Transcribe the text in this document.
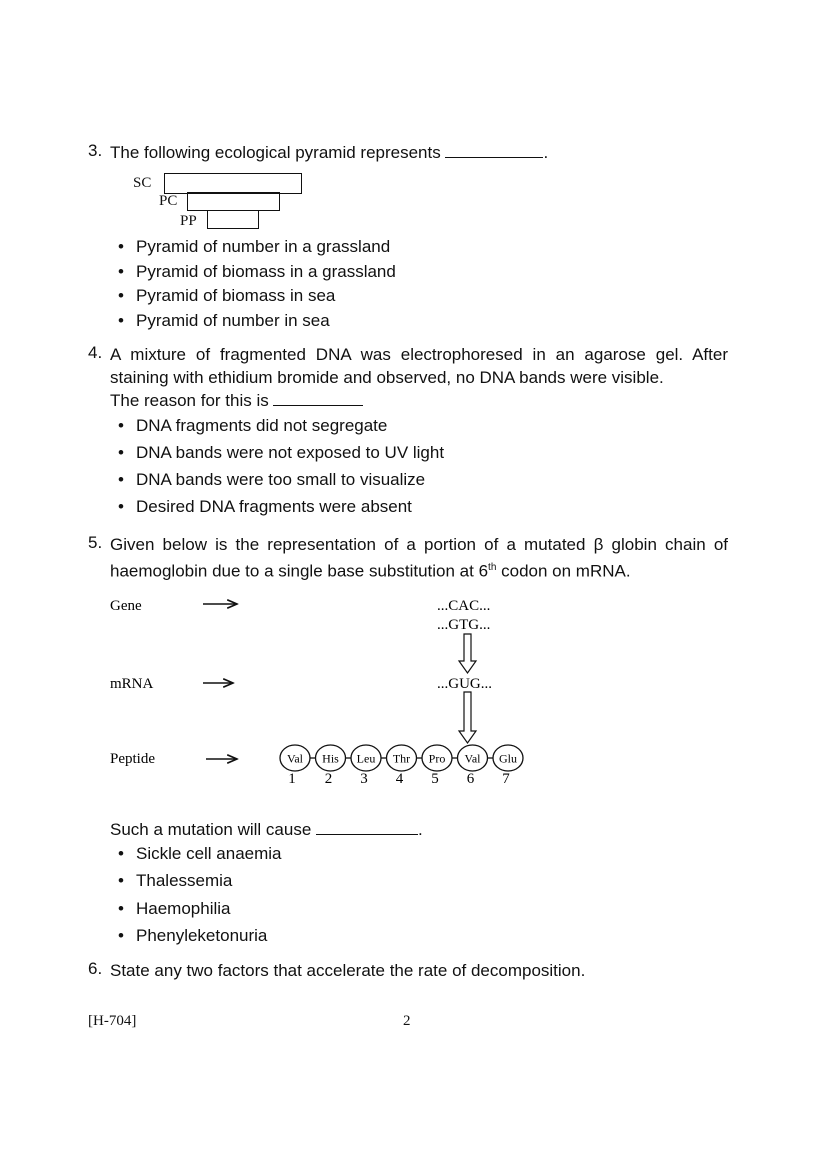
3. The following ecological pyramid represents	.
SC
PC
PP
• Pyramid of number in a grassland
• Pyramid of biomass in a grassland
• Pyramid of biomass in sea
• Pyramid of number in sea
4. A mixture of fragmented DNA was electrophoresed in an agarose gel. After staining with ethidium bromide and observed, no DNA bands were visible.
The reason for this is
• DNA fragments did not segregate
• DNA bands were not exposed to UV light
• DNA bands were too small to visualize
• Desired DNA fragments were absent
5. Given below is the representation of a portion of a mutated β globin chain of haemoglobin due to a single base substitution at 6th codon on mRNA.
Gene
mRNA
Peptide
...CAC...
...GTG...
...GUG...
Val
1
His
2
Leu
3
Thr
4
Pro
5
Val
6
Glu
7
Such a mutation will cause	.
• Sickle cell anaemia
• Thalessemia
• Haemophilia
• Phenyleketonuria
6. State any two factors that accelerate the rate of decomposition.
[H-704]	2
